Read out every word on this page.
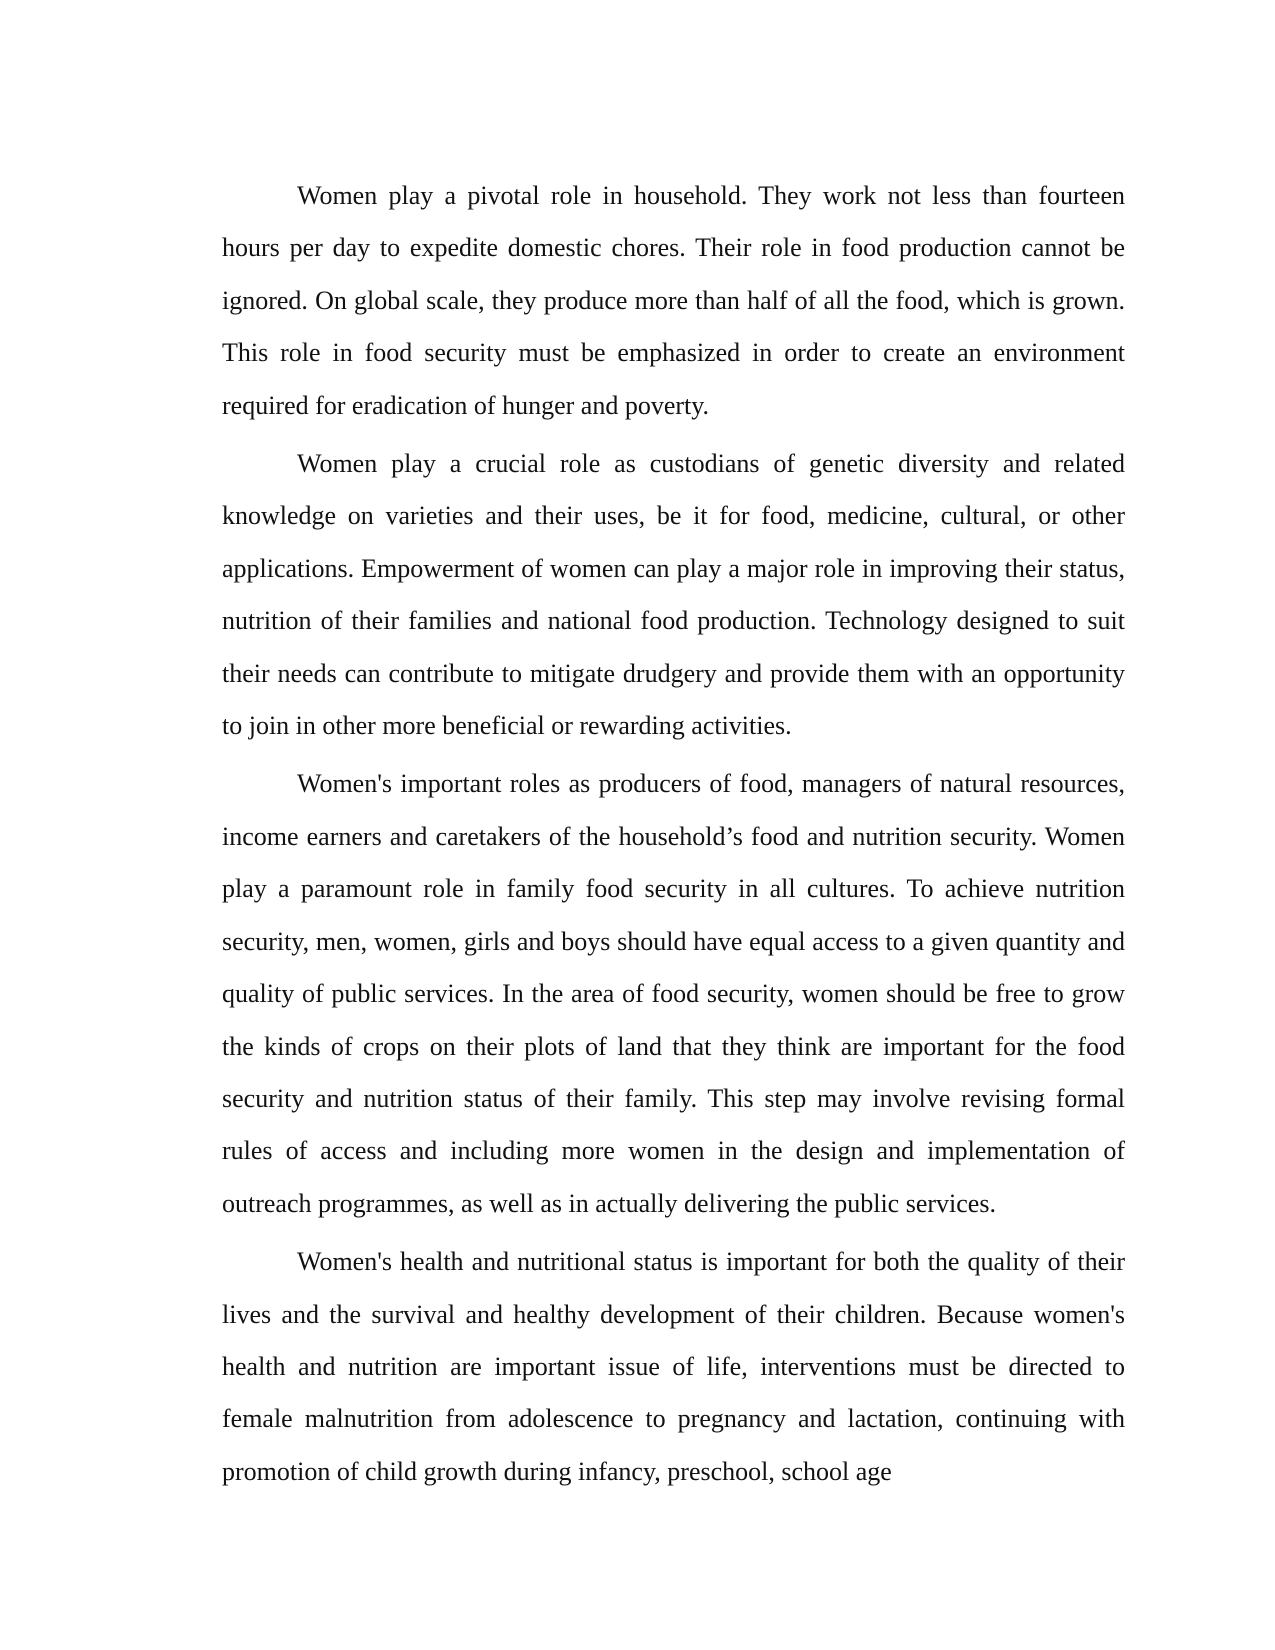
Women play a pivotal role in household. They work not less than fourteen hours per day to expedite domestic chores. Their role in food production cannot be ignored. On global scale, they produce more than half of all the food, which is grown. This role in food security must be emphasized in order to create an environment required for eradication of hunger and poverty.

Women play a crucial role as custodians of genetic diversity and related knowledge on varieties and their uses, be it for food, medicine, cultural, or other applications. Empowerment of women can play a major role in improving their status, nutrition of their families and national food production. Technology designed to suit their needs can contribute to mitigate drudgery and provide them with an opportunity to join in other more beneficial or rewarding activities.

Women's important roles as producers of food, managers of natural resources, income earners and caretakers of the household’s food and nutrition security. Women play a paramount role in family food security in all cultures. To achieve nutrition security, men, women, girls and boys should have equal access to a given quantity and quality of public services. In the area of food security, women should be free to grow the kinds of crops on their plots of land that they think are important for the food security and nutrition status of their family. This step may involve revising formal rules of access and including more women in the design and implementation of outreach programmes, as well as in actually delivering the public services.

Women's health and nutritional status is important for both the quality of their lives and the survival and healthy development of their children. Because women's health and nutrition are important issue of life, interventions must be directed to female malnutrition from adolescence to pregnancy and lactation, continuing with promotion of child growth during infancy, preschool, school age
